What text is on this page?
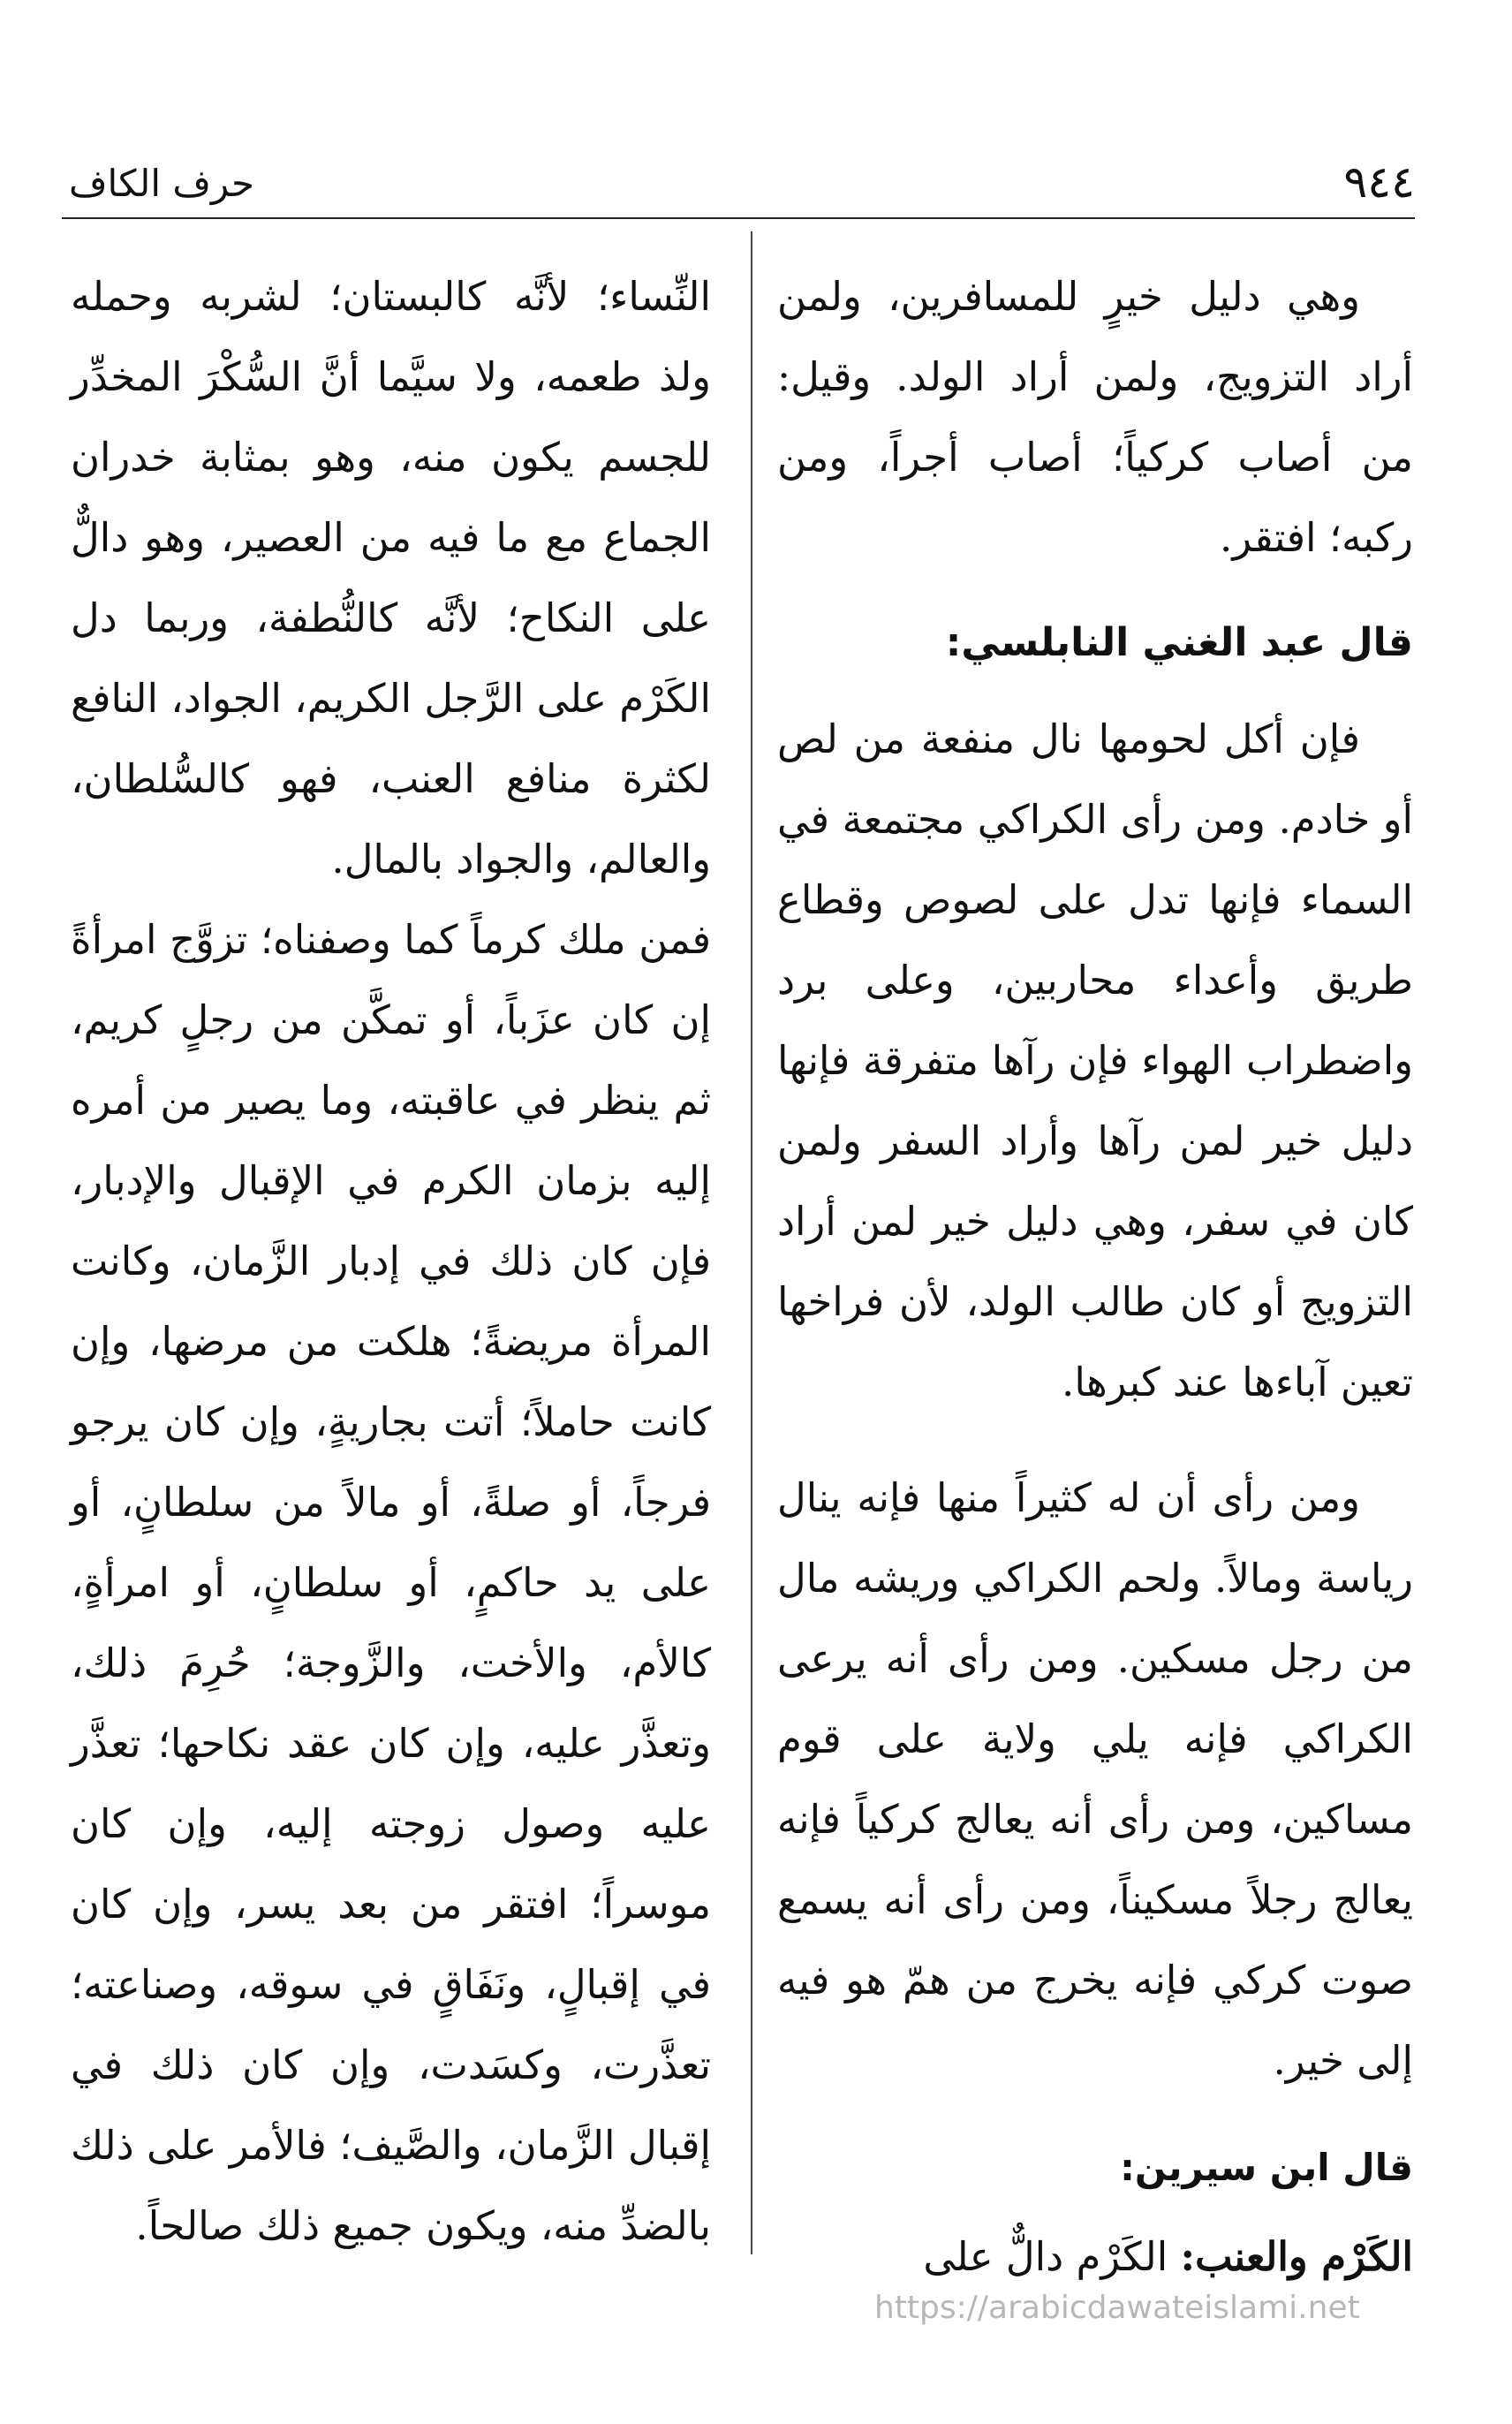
٩٤٤
حرف الكاف

وهي دليل خيرٍ للمسافرين، ولمن أراد التزويج، ولمن أراد الولد. وقيل: من أصاب كركياً؛ أصاب أجراً، ومن ركبه؛ افتقر.

قال عبد الغني النابلسي:

فإن أكل لحومها نال منفعة من لص أو خادم. ومن رأى الكراكي مجتمعة في السماء فإنها تدل على لصوص وقطاع طريق وأعداء محاربين، وعلى برد واضطراب الهواء فإن رآها متفرقة فإنها دليل خير لمن رآها وأراد السفر ولمن كان في سفر، وهي دليل خير لمن أراد التزويج أو كان طالب الولد، لأن فراخها تعين آباءها عند كبرها.

ومن رأى أن له كثيراً منها فإنه ينال رياسة ومالاً. ولحم الكراكي وريشه مال من رجل مسكين. ومن رأى أنه يرعى الكراكي فإنه يلي ولاية على قوم مساكين، ومن رأى أنه يعالج كركياً فإنه يعالج رجلاً مسكيناً، ومن رأى أنه يسمع صوت كركي فإنه يخرج من همّ هو فيه إلى خير.

قال ابن سيرين:

الكَرْم والعنب: الكَرْم دالٌّ على

النِّساء؛ لأنَّه كالبستان؛ لشربه وحمله ولذ طعمه، ولا سيَّما أنَّ السُّكْرَ المخدِّر للجسم يكون منه، وهو بمثابة خدران الجماع مع ما فيه من العصير، وهو دالٌّ على النكاح؛ لأنَّه كالنُّطفة، وربما دل الكَرْم على الرَّجل الكريم، الجواد، النافع لكثرة منافع العنب، فهو كالسُّلطان، والعالم، والجواد بالمال.

فمن ملك كرماً كما وصفناه؛ تزوَّج امرأةً إن كان عزَباً، أو تمكَّن من رجلٍ كريم، ثم ينظر في عاقبته، وما يصير من أمره إليه بزمان الكرم في الإقبال والإدبار، فإن كان ذلك في إدبار الزَّمان، وكانت المرأة مريضةً؛ هلكت من مرضها، وإن كانت حاملاً؛ أتت بجاريةٍ، وإن كان يرجو فرجاً، أو صلةً، أو مالاً من سلطانٍ، أو على يد حاكمٍ، أو سلطانٍ، أو امرأةٍ، كالأم، والأخت، والزَّوجة؛ حُرِمَ ذلك، وتعذَّر عليه، وإن كان عقد نكاحها؛ تعذَّر عليه وصول زوجته إليه، وإن كان موسراً؛ افتقر من بعد يسر، وإن كان في إقبالٍ، ونَفَاقٍ في سوقه، وصناعته؛ تعذَّرت، وكسَدت، وإن كان ذلك في إقبال الزَّمان، والصَّيف؛ فالأمر على ذلك بالضدِّ منه، ويكون جميع ذلك صالحاً.

https://arabicdawateislami.net
